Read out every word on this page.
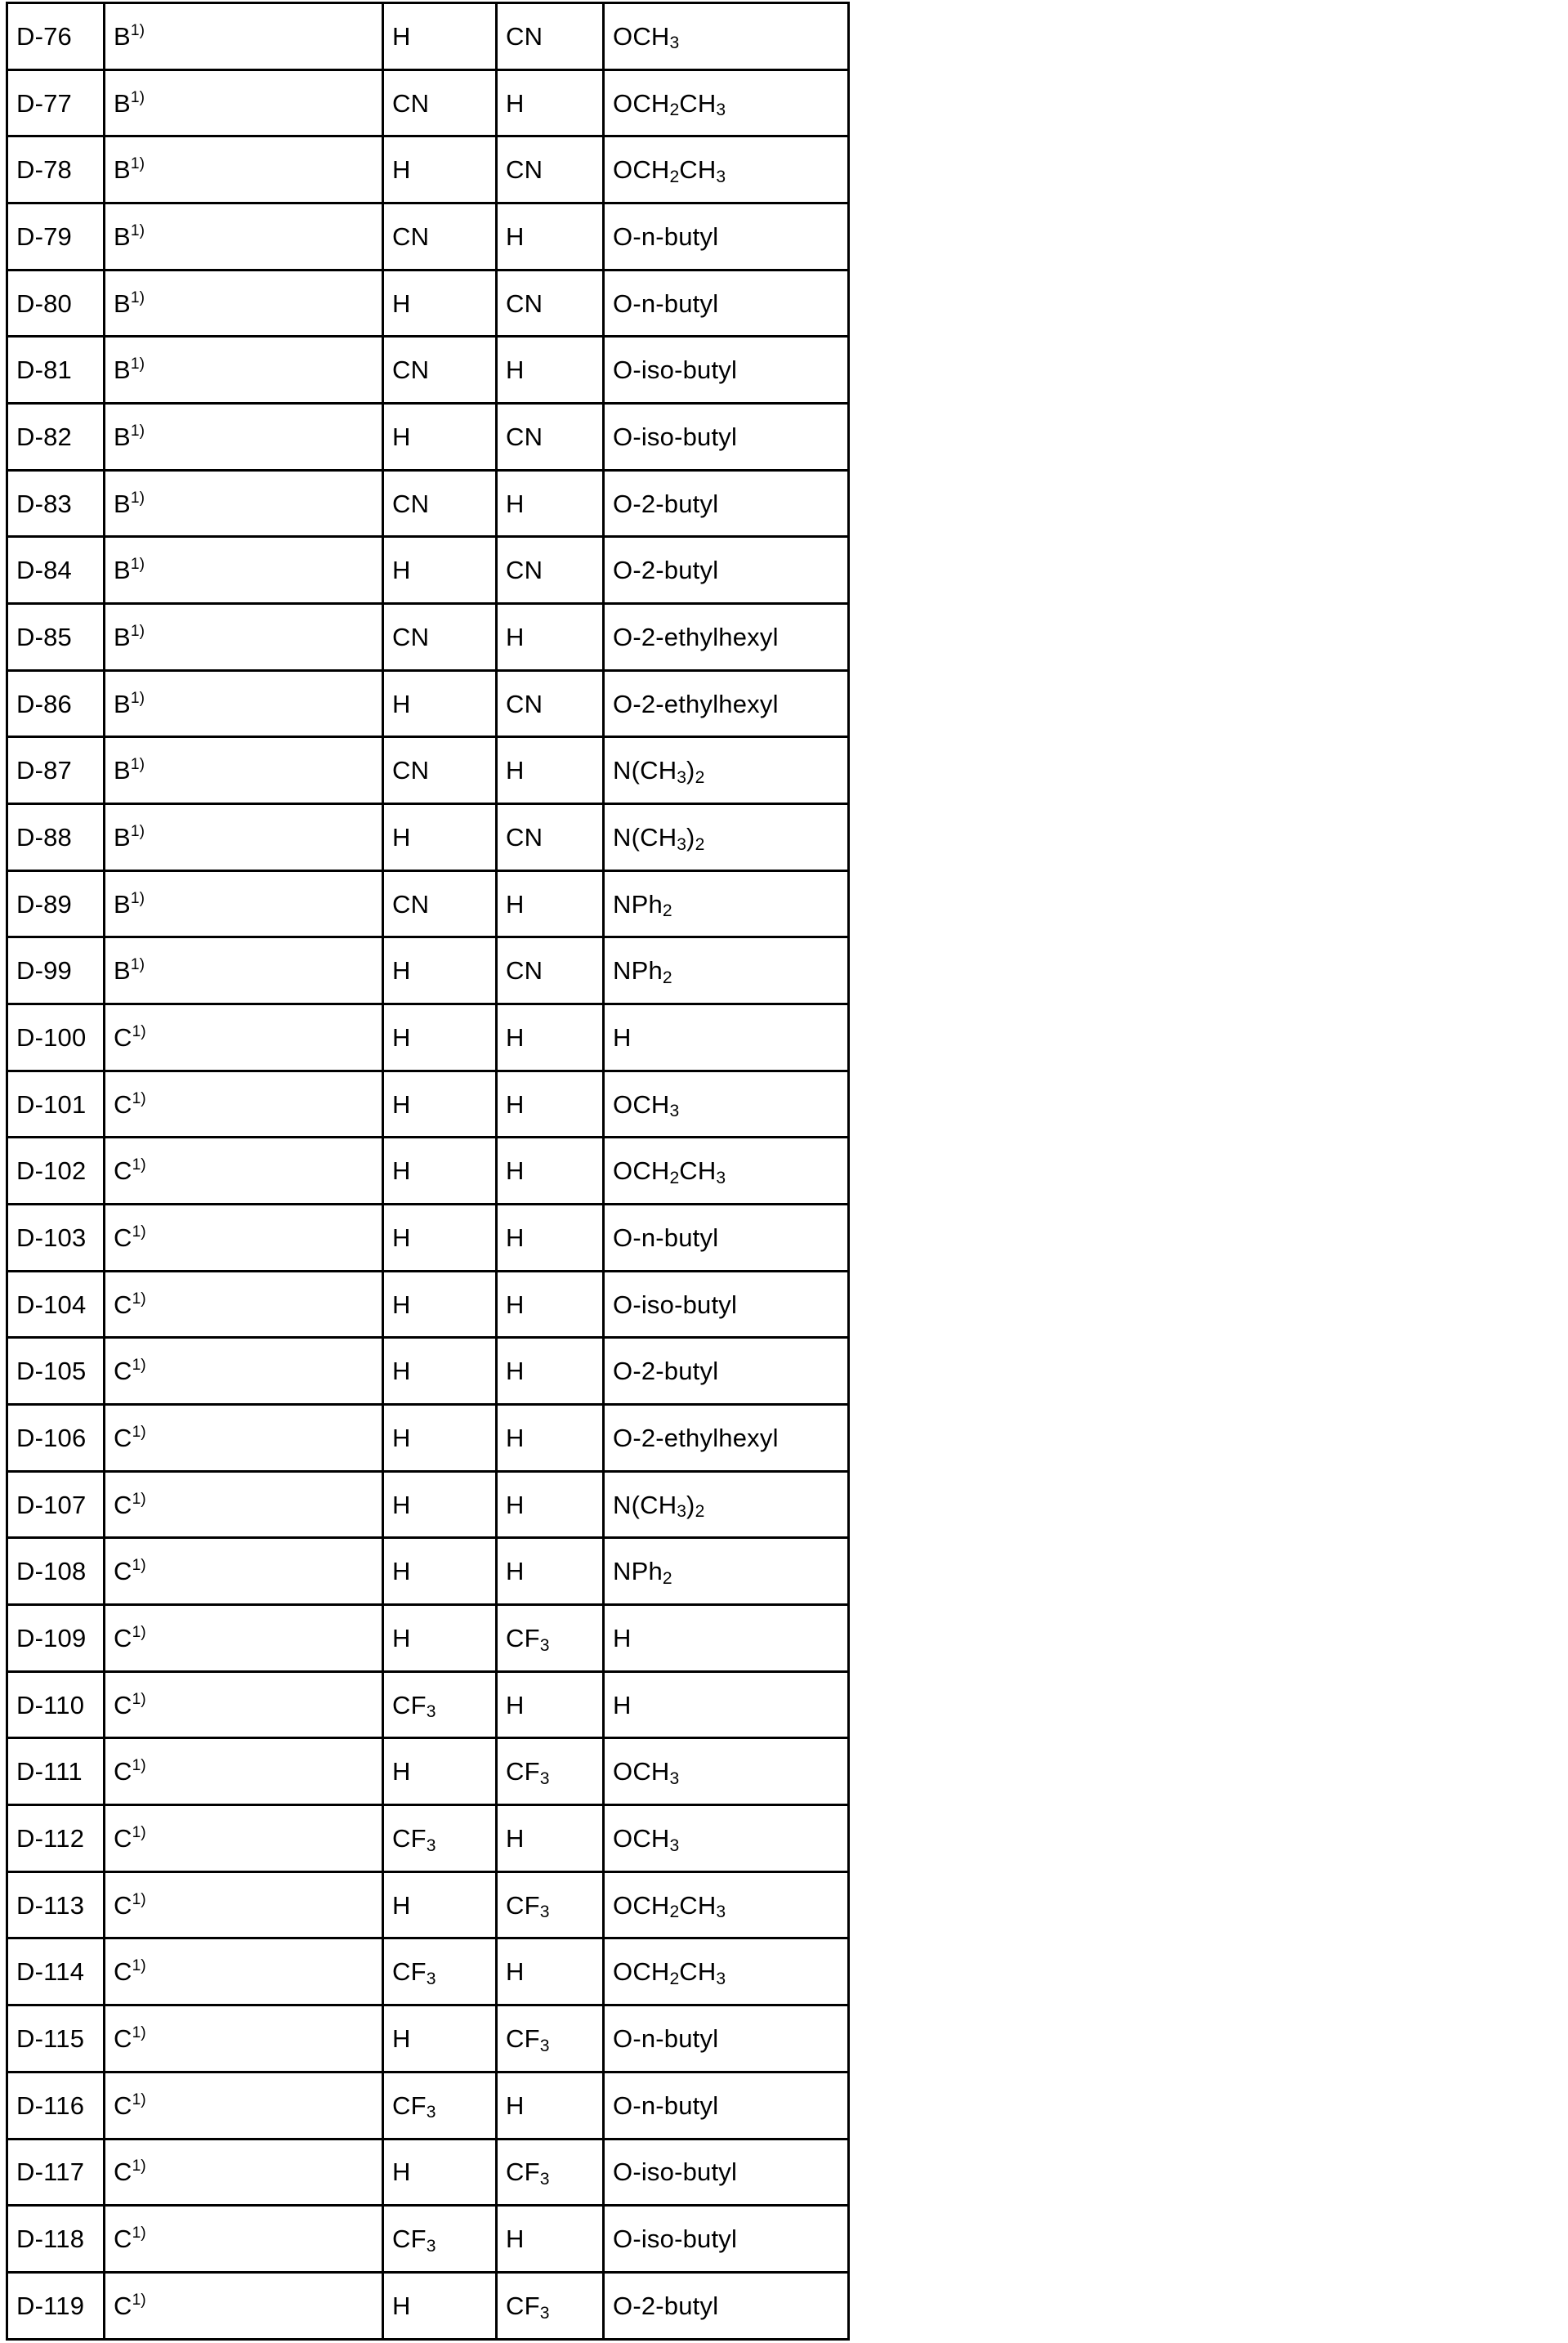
D-76	$B^{1)}$	H	CN	$OCH_3$
D-77	$B^{1)}$	CN	H	$OCH_2CH_3$
D-78	$B^{1)}$	H	CN	$OCH_2CH_3$
D-79	$B^{1)}$	CN	H	O-n-butyl
D-80	$B^{1)}$	H	CN	O-n-butyl
D-81	$B^{1)}$	CN	H	O-iso-butyl
D-82	$B^{1)}$	H	CN	O-iso-butyl
D-83	$B^{1)}$	CN	H	O-2-butyl
D-84	$B^{1)}$	H	CN	O-2-butyl
D-85	$B^{1)}$	CN	H	O-2-ethylhexyl
D-86	$B^{1)}$	H	CN	O-2-ethylhexyl
D-87	$B^{1)}$	CN	H	$N(CH_3)_2$
D-88	$B^{1)}$	H	CN	$N(CH_3)_2$
D-89	$B^{1)}$	CN	H	NPh$_2$
D-99	$B^{1)}$	H	CN	NPh$_2$
D-100	$C^{1)}$	H	H	H
D-101	$C^{1)}$	H	H	$OCH_3$
D-102	$C^{1)}$	H	H	$OCH_2CH_3$
D-103	$C^{1)}$	H	H	O-n-butyl
D-104	$C^{1)}$	H	H	O-iso-butyl
D-105	$C^{1)}$	H	H	O-2-butyl
D-106	$C^{1)}$	H	H	O-2-ethylhexyl
D-107	$C^{1)}$	H	H	$N(CH_3)_2$
D-108	$C^{1)}$	H	H	NPh$_2$
D-109	$C^{1)}$	H	$CF_3$	H
D-110	$C^{1)}$	$CF_3$	H	H
D-111	$C^{1)}$	H	$CF_3$	$OCH_3$
D-112	$C^{1)}$	$CF_3$	H	$OCH_3$
D-113	$C^{1)}$	H	$CF_3$	$OCH_2CH_3$
D-114	$C^{1)}$	$CF_3$	H	$OCH_2CH_3$
D-115	$C^{1)}$	H	$CF_3$	O-n-butyl
D-116	$C^{1)}$	$CF_3$	H	O-n-butyl
D-117	$C^{1)}$	H	$CF_3$	O-iso-butyl
D-118	$C^{1)}$	$CF_3$	H	O-iso-butyl
D-119	$C^{1)}$	H	$CF_3$	O-2-butyl
